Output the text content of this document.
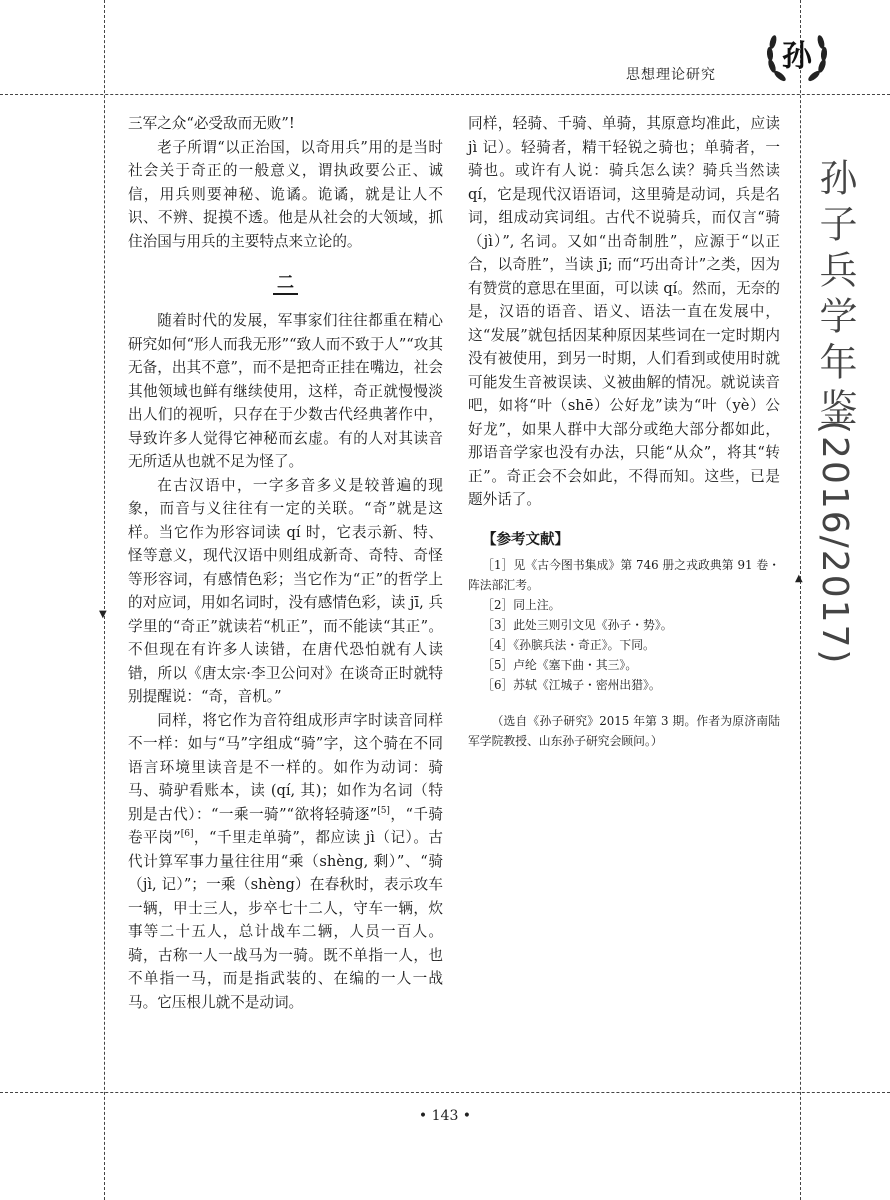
思想理论研究
孙
孙子兵学年鉴
(2016/2017)
▼
▲

三军之众“必受敌而无败”!

老子所谓“以正治国，以奇用兵”用的是当时社会关于奇正的一般意义，谓执政要公正、诚信，用兵则要神秘、诡谲。诡谲，就是让人不识、不辨、捉摸不透。他是从社会的大领域，抓住治国与用兵的主要特点来立论的。

二

随着时代的发展，军事家们往往都重在精心研究如何“形人而我无形”“致人而不致于人”“攻其无备，出其不意”，而不是把奇正挂在嘴边，社会其他领域也鲜有继续使用，这样，奇正就慢慢淡出人们的视听，只存在于少数古代经典著作中，导致许多人觉得它神秘而玄虚。有的人对其读音无所适从也就不足为怪了。

在古汉语中，一字多音多义是较普遍的现象，而音与义往往有一定的关联。“奇”就是这样。当它作为形容词读 qí 时，它表示新、特、怪等意义，现代汉语中则组成新奇、奇特、奇怪等形容词，有感情色彩；当它作为“正”的哲学上的对应词，用如名词时，没有感情色彩，读 jī, 兵学里的“奇正”就读若“机正”，而不能读“其正”。不但现在有许多人读错，在唐代恐怕就有人读错，所以《唐太宗·李卫公问对》在谈奇正时就特别提醒说：“奇，音机。”

同样，将它作为音符组成形声字时读音同样不一样：如与“马”字组成“骑”字，这个骑在不同语言环境里读音是不一样的。如作为动词：骑马、骑驴看账本，读 (qí, 其)；如作为名词（特别是古代）：“一乘一骑”“欲将轻骑逐”[5]，“千骑卷平岗”[6]，“千里走单骑”，都应读 jì（记）。古代计算军事力量往往用“乘（shèng, 剩）”、“骑（jì, 记）”；一乘（shèng）在春秋时，表示攻车一辆，甲士三人，步卒七十二人，守车一辆，炊事等二十五人，总计战车二辆，人员一百人。骑，古称一人一战马为一骑。既不单指一人，也不单指一马，而是指武装的、在编的一人一战马。它压根儿就不是动词。

同样，轻骑、千骑、单骑，其原意均准此，应读 jì 记）。轻骑者，精干轻锐之骑也；单骑者，一骑也。或许有人说：骑兵怎么读？骑兵当然读 qí，它是现代汉语语词，这里骑是动词，兵是名词，组成动宾词组。古代不说骑兵，而仅言“骑（jì）”, 名词。又如“出奇制胜”，应源于“以正合，以奇胜”，当读 jī; 而“巧出奇计”之类，因为有赞赏的意思在里面，可以读 qí。然而，无奈的是，汉语的语音、语义、语法一直在发展中，这“发展”就包括因某种原因某些词在一定时期内没有被使用，到另一时期，人们看到或使用时就可能发生音被误读、义被曲解的情况。就说读音吧，如将“叶（shē）公好龙”读为“叶（yè）公好龙”，如果人群中大部分或绝大部分都如此，那语音学家也没有办法，只能“从众”，将其“转正”。奇正会不会如此，不得而知。这些，已是题外话了。

【参考文献】
［1］见《古今图书集成》第 746 册之戎政典第 91 卷・阵法部汇考。
［2］同上注。
［3］此处三则引文见《孙子・势》。
［4］《孙膑兵法・奇正》。下同。
［5］卢纶《塞下曲・其三》。
［6］苏轼《江城子・密州出猎》。
（选自《孙子研究》2015 年第 3 期。作者为原济南陆军学院教授、山东孙子研究会顾问。）
• 143 •
